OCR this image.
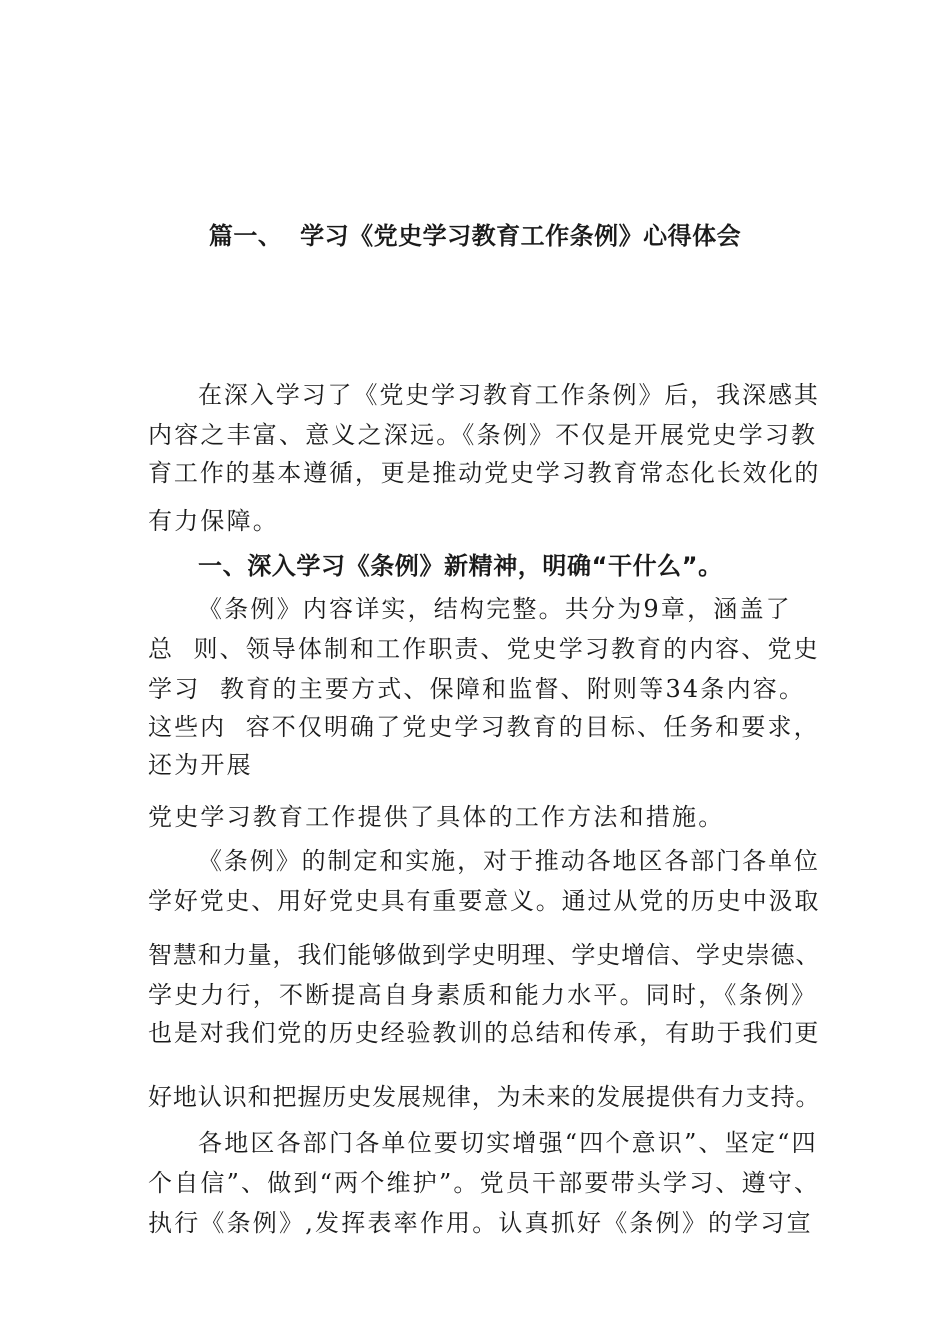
篇一、  学习《党史学习教育工作条例》心得体会
在深入学习了《党史学习教育工作条例》后，我深感其
内容之丰富、意义之深远。《条例》不仅是开展党史学习教
育工作的基本遵循，更是推动党史学习教育常态化长效化的
有力保障。
一、深入学习《条例》新精神，明确“干什么”。
《条例》内容详实，结构完整。共分为9章，涵盖了
总  则、领导体制和工作职责、党史学习教育的内容、党史
学习  教育的主要方式、保障和监督、附则等34条内容。
这些内  容不仅明确了党史学习教育的目标、任务和要求，
还为开展
党史学习教育工作提供了具体的工作方法和措施。
《条例》的制定和实施，对于推动各地区各部门各单位
学好党史、用好党史具有重要意义。通过从党的历史中汲取
智慧和力量，我们能够做到学史明理、学史增信、学史崇德、
学史力行，不断提高自身素质和能力水平。同时，《条例》
也是对我们党的历史经验教训的总结和传承，有助于我们更
好地认识和把握历史发展规律，为未来的发展提供有力支持。
各地区各部门各单位要切实增强“四个意识”、坚定“四
个自信”、做到“两个维护”。党员干部要带头学习、遵守、
执行《条例》,发挥表率作用。认真抓好《条例》的学习宣
